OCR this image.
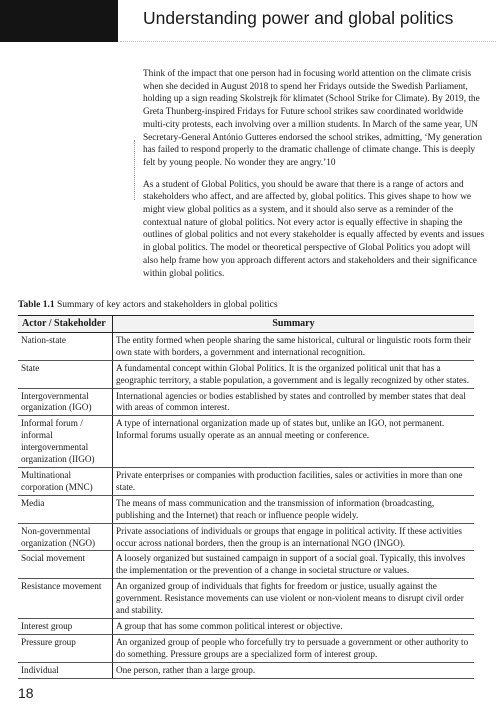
Understanding power and global politics

Think of the impact that one person had in focusing world attention on the climate crisis when she decided in August 2018 to spend her Fridays outside the Swedish Parliament, holding up a sign reading Skolstrejk för klimatet (School Strike for Climate). By 2019, the Greta Thunberg-inspired Fridays for Future school strikes saw coordinated worldwide multi-city protests, each involving over a million students. In March of the same year, UN Secretary-General António Gutteres endorsed the school strikes, admitting, ‘My generation has failed to respond properly to the dramatic challenge of climate change. This is deeply felt by young people. No wonder they are angry.’10

As a student of Global Politics, you should be aware that there is a range of actors and stakeholders who affect, and are affected by, global politics. This gives shape to how we might view global politics as a system, and it should also serve as a reminder of the contextual nature of global politics. Not every actor is equally effective in shaping the outlines of global politics and not every stakeholder is equally affected by events and issues in global politics. The model or theoretical perspective of Global Politics you adopt will also help frame how you approach different actors and stakeholders and their significance within global politics.

Table 1.1 Summary of key actors and stakeholders in global politics
Actor / Stakeholder	Summary
Nation-state	The entity formed when people sharing the same historical, cultural or linguistic roots form their own state with borders, a government and international recognition.
State	A fundamental concept within Global Politics. It is the organized political unit that has a geographic territory, a stable population, a government and is legally recognized by other states.
Intergovernmental organization (IGO)	International agencies or bodies established by states and controlled by member states that deal with areas of common interest.
Informal forum / informal intergovernmental organization (IIGO)	A type of international organization made up of states but, unlike an IGO, not permanent. Informal forums usually operate as an annual meeting or conference.
Multinational corporation (MNC)	Private enterprises or companies with production facilities, sales or activities in more than one state.
Media	The means of mass communication and the transmission of information (broadcasting, publishing and the Internet) that reach or influence people widely.
Non-governmental organization (NGO)	Private associations of individuals or groups that engage in political activity. If these activities occur across national borders, then the group is an international NGO (INGO).
Social movement	A loosely organized but sustained campaign in support of a social goal. Typically, this involves the implementation or the prevention of a change in societal structure or values.
Resistance movement	An organized group of individuals that fights for freedom or justice, usually against the government. Resistance movements can use violent or non-violent means to disrupt civil order and stability.
Interest group	A group that has some common political interest or objective.
Pressure group	An organized group of people who forcefully try to persuade a government or other authority to do something. Pressure groups are a specialized form of interest group.
Individual	One person, rather than a large group.
18
